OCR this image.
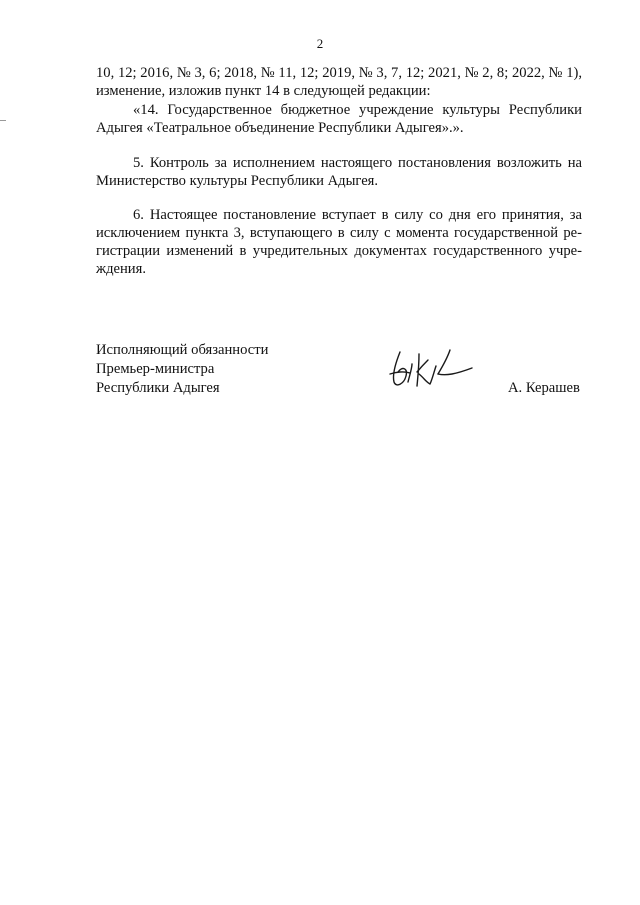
2
10, 12; 2016, № 3, 6; 2018, № 11, 12; 2019, № 3, 7, 12; 2021, № 2, 8; 2022, № 1),
изменение, изложив пункт 14 в следующей редакции:
«14. Государственное бюджетное учреждение культуры Республики
Адыгея «Театральное объединение Республики Адыгея».».
5. Контроль за исполнением настоящего постановления возложить на
Министерство культуры Республики Адыгея.
6. Настоящее постановление вступает в силу со дня его принятия, за
исключением пункта 3, вступающего в силу с момента государственной ре-
гистрации изменений в учредительных документах государственного учре-
ждения.
Исполняющий обязанности
Премьер-министра
Республики Адыгея	А. Керашев
